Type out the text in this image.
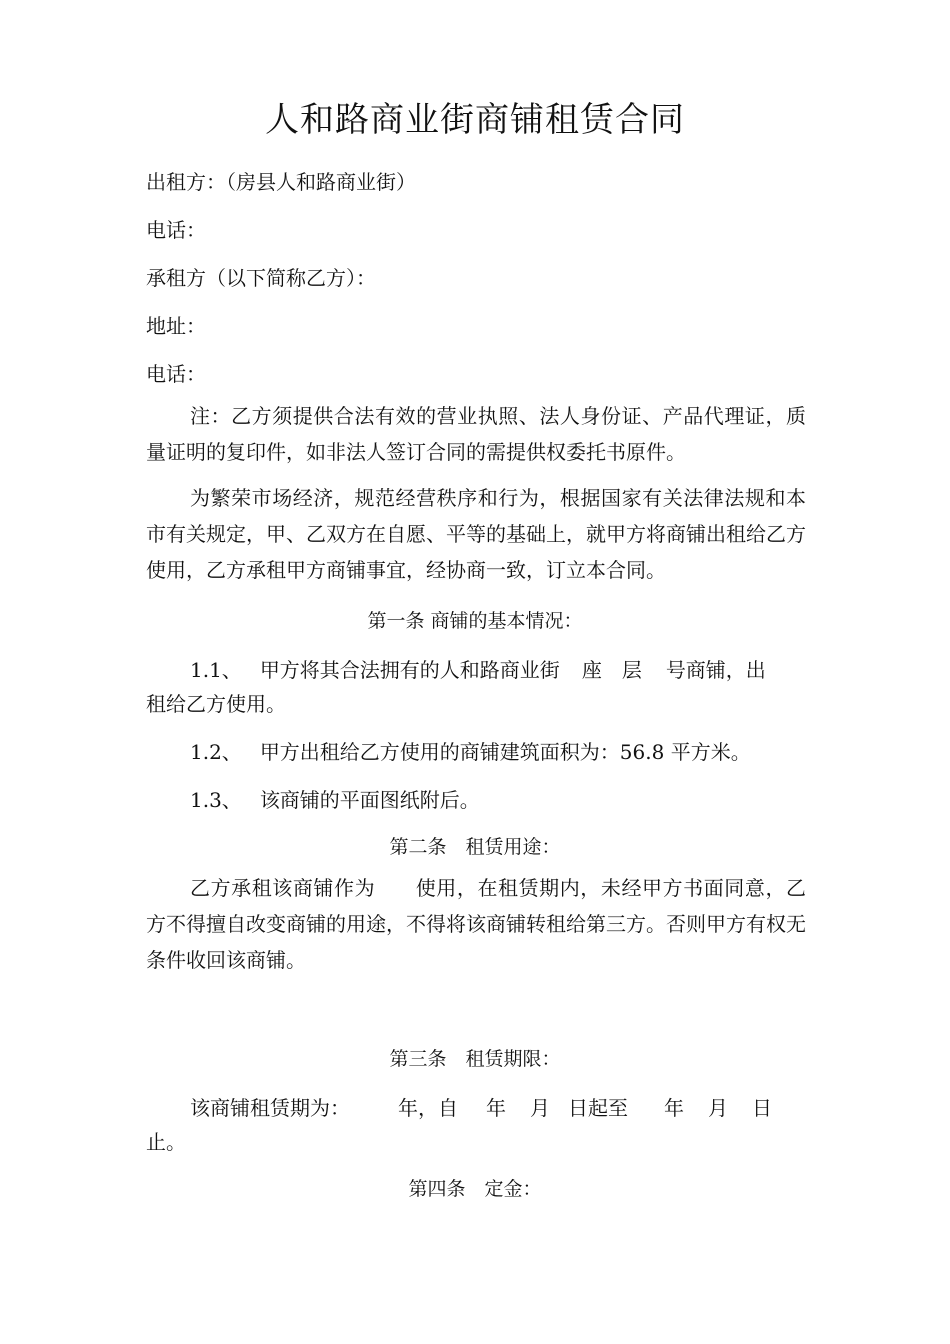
人和路商业街商铺租赁合同

出租方：（房县人和路商业街）

电话：

承租方（以下简称乙方）：

地址：

电话：

注：乙方须提供合法有效的营业执照、法人身份证、产品代理证，质量证明的复印件，如非法人签订合同的需提供权委托书原件。

为繁荣市场经济，规范经营秩序和行为，根据国家有关法律法规和本市有关规定，甲、乙双方在自愿、平等的基础上，就甲方将商铺出租给乙方使用，乙方承租甲方商铺事宜，经协商一致，订立本合同。

第一条 商铺的基本情况：

1.1、 甲方将其合法拥有的人和路商业街 座 层 号商铺，出

租给乙方使用。

1.2、 甲方出租给乙方使用的商铺建筑面积为：56.8 平方米。

1.3、 该商铺的平面图纸附后。

第二条　租赁用途：

乙方承租该商铺作为 使用，在租赁期内，未经甲方书面同意，乙方不得擅自改变商铺的用途，不得将该商铺转租给第三方。否则甲方有权无条件收回该商铺。

第三条　租赁期限：

该商铺租赁期为： 年，自 年 月 日起至 年 月 日

止。

第四条　定金：
